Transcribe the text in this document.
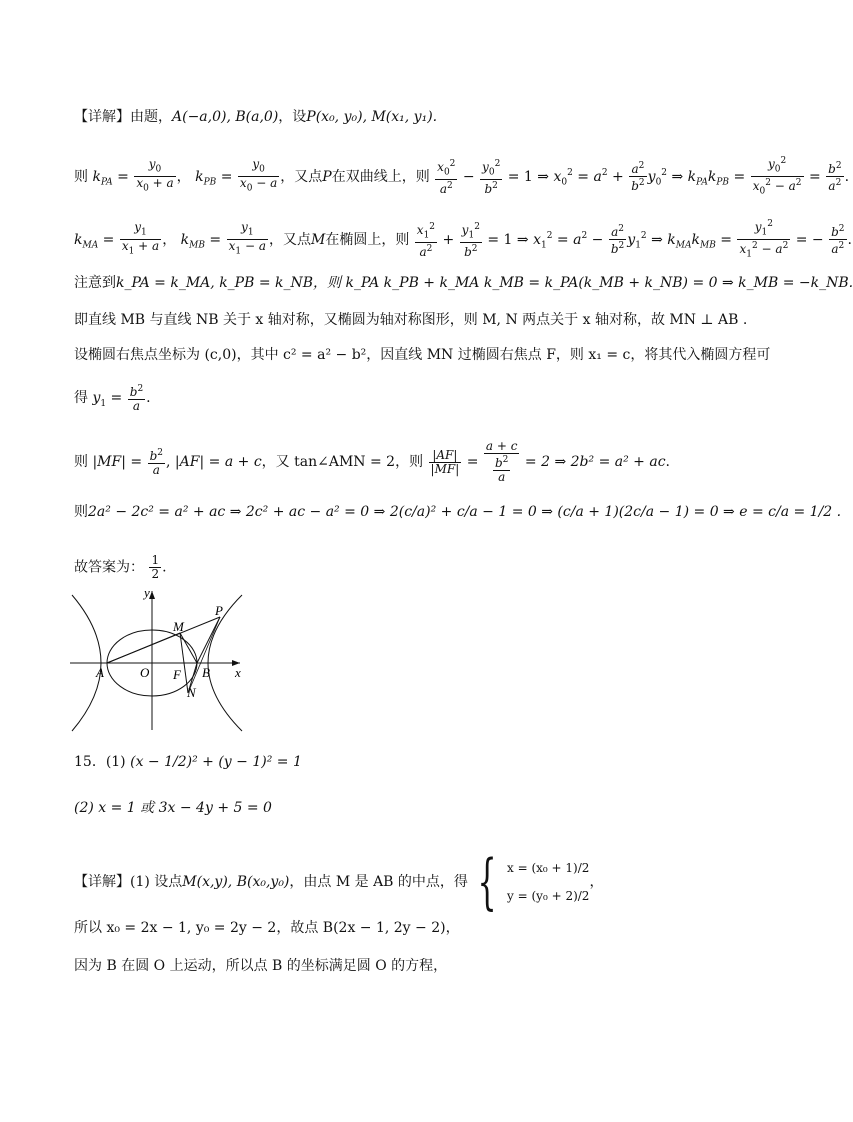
【详解】由题，A(−a,0), B(a,0)，设P(x₀, y₀), M(x₁, y₁).
则 $k_{PA} = \frac{y_0}{x_0 + a}$ ， $k_{PB} = \frac{y_0}{x_0 - a}$ ，又点P在双曲线上，则 $\frac{x_0^2}{a^2} - \frac{y_0^2}{b^2} = 1$ ⇒ $x_0^2 = a^2 + \frac{a^2}{b^2} y_0^2$ ⇒ $k_{PA}k_{PB} = \frac{y_0^2}{x_0^2 - a^2} = \frac{b^2}{a^2}$ .
$k_{MA} = \frac{y_1}{x_1 + a}$ ， $k_{MB} = \frac{y_1}{x_1 - a}$ ，又点M在椭圆上，则 $\frac{x_1^2}{a^2} + \frac{y_1^2}{b^2} = 1$ ⇒ $x_1^2 = a^2 - \frac{a^2}{b^2} y_1^2$ ⇒ $k_{MA}k_{MB} = \frac{y_1^2}{x_1^2 - a^2}$ = − $\frac{b^2}{a^2}$ .
注意到k_PA = k_MA, k_PB = k_NB，则 k_PA k_PB + k_MA k_MB = k_PA(k_MB + k_NB) = 0 ⇒ k_MB = −k_NB.
即直线 MB 与直线 NB 关于 x 轴对称，又椭圆为轴对称图形，则 M, N 两点关于 x 轴对称，故 MN ⊥ AB .
设椭圆右焦点坐标为 (c,0)，其中 c² = a² − b²，因直线 MN 过椭圆右焦点 F，则 x₁ = c，将其代入椭圆方程可
得 $y_1 = \frac{b^2}{a}$ .
则 $|MF| = \frac{b^2}{a}$ , |AF| = a + c，又 tan∠AMN = 2，则 $\frac{|AF|}{|MF|} = \frac{a + c}{\frac{b^2}{a}} = 2$ ⇒ 2b² = a² + ac.
则2a² − 2c² = a² + ac ⇒ 2c² + ac − a² = 0 ⇒ 2(c/a)² + c/a − 1 = 0 ⇒ (c/a + 1)(2c/a − 1) = 0 ⇒ e = c/a = 1/2 .
故答案为： $\frac{1}{2}$ .
y
x
P
M
A	O F B
N
15．(1) (x − 1/2)² + (y − 1)² = 1
(2) x = 1 或 3x − 4y + 5 = 0
【详解】(1) 设点M(x,y), B(x₀,y₀)，由点 M 是 AB 的中点，得 { x = (x₀ + 1)/2
y = (y₀ + 2)/2
，
所以 x₀ = 2x − 1, y₀ = 2y − 2，故点 B(2x − 1, 2y − 2)，
因为 B 在圆 O 上运动，所以点 B 的坐标满足圆 O 的方程，
